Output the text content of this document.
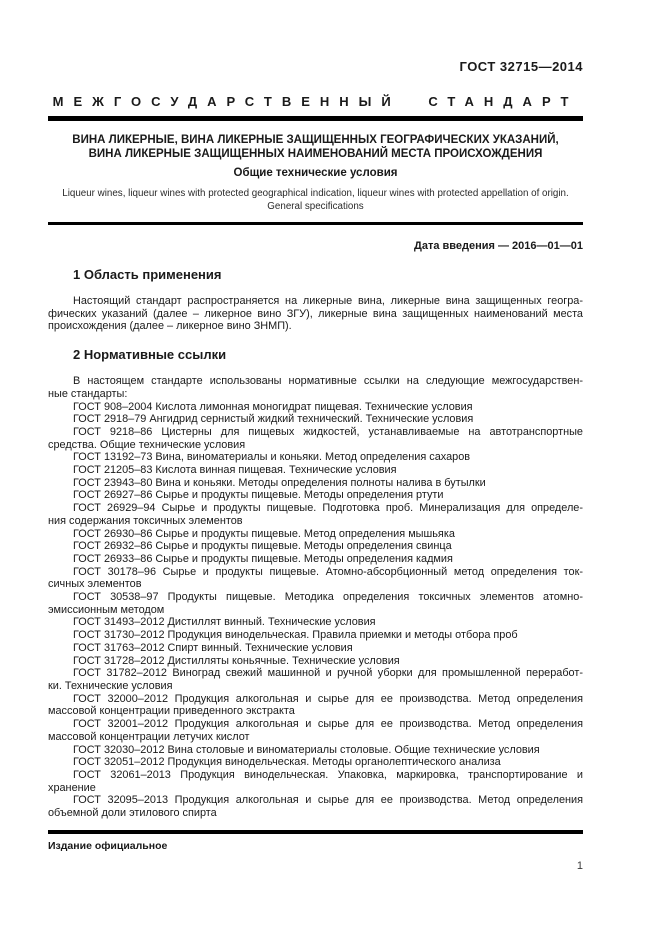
ГОСТ 32715—2014
МЕЖГОСУДАРСТВЕННЫЙ СТАНДАРТ
ВИНА ЛИКЕРНЫЕ, ВИНА ЛИКЕРНЫЕ ЗАЩИЩЕННЫХ ГЕОГРАФИЧЕСКИХ УКАЗАНИЙ,
ВИНА ЛИКЕРНЫЕ ЗАЩИЩЕННЫХ НАИМЕНОВАНИЙ МЕСТА ПРОИСХОЖДЕНИЯ
Общие технические условия
Liqueur wines, liqueur wines with protected geographical indication, liqueur wines with protected appellation of origin.
General specifications
Дата введения — 2016—01—01
1 Область применения
Настоящий стандарт распространяется на ликерные вина, ликерные вина защищенных геогра-
фических указаний (далее – ликерное вино ЗГУ), ликерные вина защищенных наименований места
происхождения (далее – ликерное вино ЗНМП).
2 Нормативные ссылки
В настоящем стандарте использованы нормативные ссылки на следующие межгосударствен-
ные стандарты:
ГОСТ 908–2004 Кислота лимонная моногидрат пищевая. Технические условия
ГОСТ 2918–79 Ангидрид сернистый жидкий технический. Технические условия
ГОСТ 9218–86 Цистерны для пищевых жидкостей, устанавливаемые на автотранспортные
средства. Общие технические условия
ГОСТ 13192–73 Вина, виноматериалы и коньяки. Метод определения сахаров
ГОСТ 21205–83 Кислота винная пищевая. Технические условия
ГОСТ 23943–80 Вина и коньяки. Методы определения полноты налива в бутылки
ГОСТ 26927–86 Сырье и продукты пищевые. Методы определения ртути
ГОСТ 26929–94 Сырье и продукты пищевые. Подготовка проб. Минерализация для определе-
ния содержания токсичных элементов
ГОСТ 26930–86 Сырье и продукты пищевые. Метод определения мышьяка
ГОСТ 26932–86 Сырье и продукты пищевые. Методы определения свинца
ГОСТ 26933–86 Сырье и продукты пищевые. Методы определения кадмия
ГОСТ 30178–96 Сырье и продукты пищевые. Атомно-абсорбционный метод определения ток-
сичных элементов
ГОСТ 30538–97 Продукты пищевые. Методика определения токсичных элементов атомно-
эмиссионным методом
ГОСТ 31493–2012 Дистиллят винный. Технические условия
ГОСТ 31730–2012 Продукция винодельческая. Правила приемки и методы отбора проб
ГОСТ 31763–2012 Спирт винный. Технические условия
ГОСТ 31728–2012 Дистилляты коньячные. Технические условия
ГОСТ 31782–2012 Виноград свежий машинной и ручной уборки для промышленной переработ-
ки. Технические условия
ГОСТ 32000–2012 Продукция алкогольная и сырье для ее производства. Метод определения
массовой концентрации приведенного экстракта
ГОСТ 32001–2012 Продукция алкогольная и сырье для ее производства. Метод определения
массовой концентрации летучих кислот
ГОСТ 32030–2012 Вина столовые и виноматериалы столовые. Общие технические условия
ГОСТ 32051–2012 Продукция винодельческая. Методы органолептического анализа
ГОСТ 32061–2013 Продукция винодельческая. Упаковка, маркировка, транспортирование и
хранение
ГОСТ 32095–2013 Продукция алкогольная и сырье для ее производства. Метод определения
объемной доли этилового спирта
Издание официальное
1
